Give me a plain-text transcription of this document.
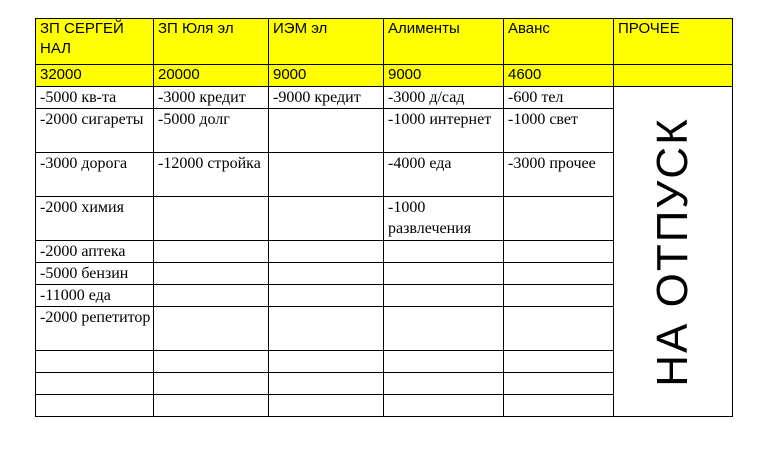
ЗП СЕРГЕЙ НАЛ	ЗП Юля эл	ИЭМ эл	Алименты	Аванс	ПРОЧЕЕ
32000	20000	9000	9000	4600	
-5000 кв-та	-3000 кредит	-9000 кредит	-3000 д/сад	-600 тел	НА ОТПУСК

-2000 сигареты	-5000 долг		-1000 интернет	-1000 свет	
-3000 дорога	-12000 стройка		-4000 еда	-3000 прочее	
-2000 химия			-1000 развлечения		
-2000 аптека					
-5000 бензин					
-11000 еда					
-2000 репетитор					
